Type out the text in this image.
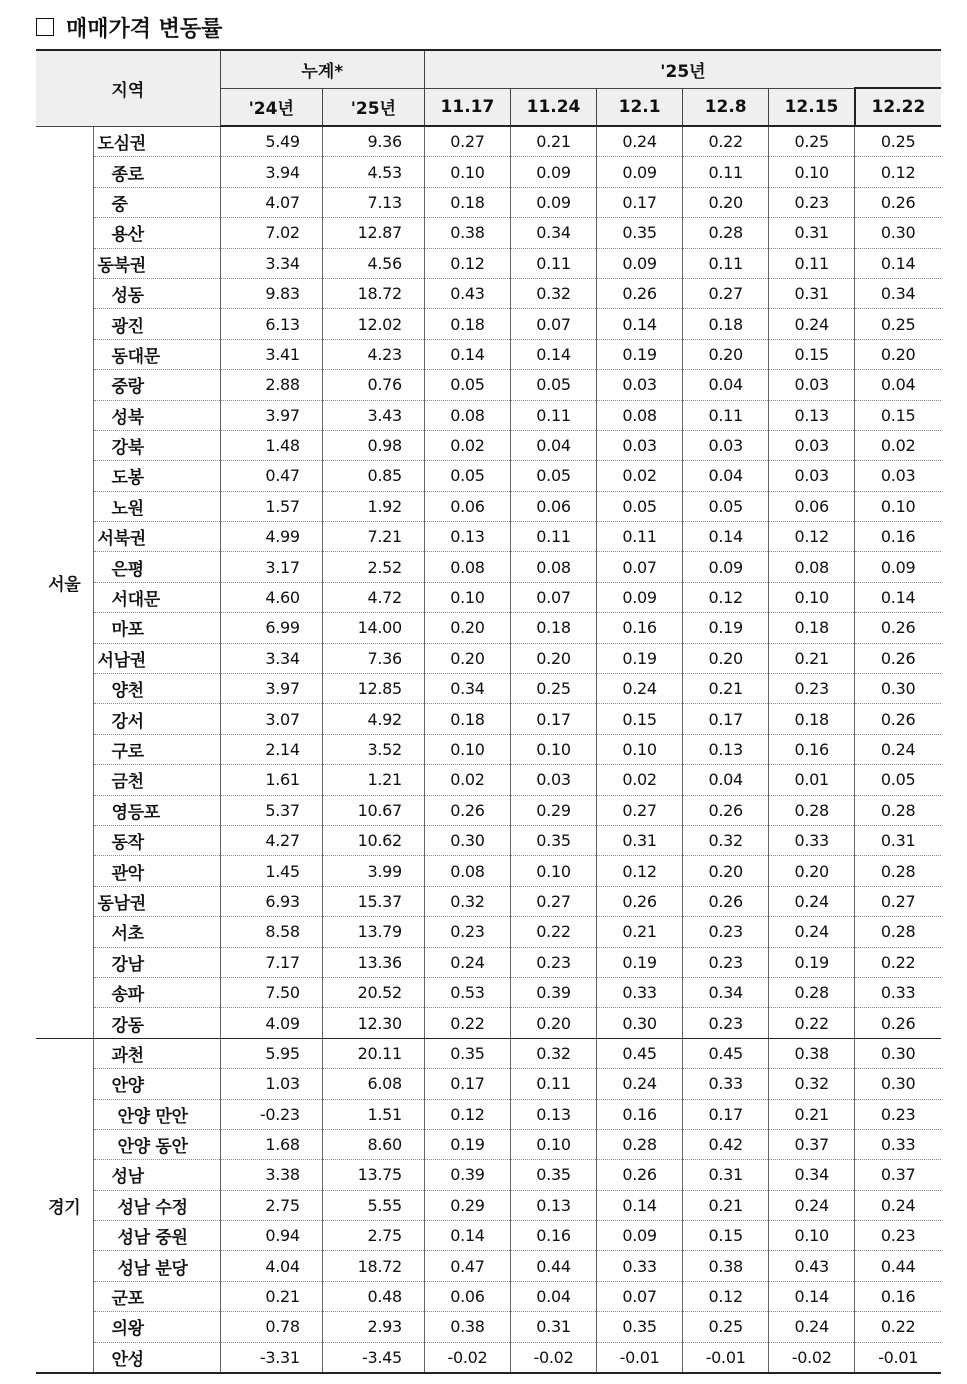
매매가격 변동률
지역		누계*		'25년					
		'24년	'25년	11.17	11.24	12.1	12.8	12.15	12.22
서울	도심권	5.49	9.36	0.27	0.21	0.24	0.22	0.25	0.25
	종로	3.94	4.53	0.10	0.09	0.09	0.11	0.10	0.12
	중	4.07	7.13	0.18	0.09	0.17	0.20	0.23	0.26
	용산	7.02	12.87	0.38	0.34	0.35	0.28	0.31	0.30
	동북권	3.34	4.56	0.12	0.11	0.09	0.11	0.11	0.14
	성동	9.83	18.72	0.43	0.32	0.26	0.27	0.31	0.34
	광진	6.13	12.02	0.18	0.07	0.14	0.18	0.24	0.25
	동대문	3.41	4.23	0.14	0.14	0.19	0.20	0.15	0.20
	중랑	2.88	0.76	0.05	0.05	0.03	0.04	0.03	0.04
	성북	3.97	3.43	0.08	0.11	0.08	0.11	0.13	0.15
	강북	1.48	0.98	0.02	0.04	0.03	0.03	0.03	0.02
	도봉	0.47	0.85	0.05	0.05	0.02	0.04	0.03	0.03
	노원	1.57	1.92	0.06	0.06	0.05	0.05	0.06	0.10
	서북권	4.99	7.21	0.13	0.11	0.11	0.14	0.12	0.16
	은평	3.17	2.52	0.08	0.08	0.07	0.09	0.08	0.09
	서대문	4.60	4.72	0.10	0.07	0.09	0.12	0.10	0.14
	마포	6.99	14.00	0.20	0.18	0.16	0.19	0.18	0.26
	서남권	3.34	7.36	0.20	0.20	0.19	0.20	0.21	0.26
	양천	3.97	12.85	0.34	0.25	0.24	0.21	0.23	0.30
	강서	3.07	4.92	0.18	0.17	0.15	0.17	0.18	0.26
	구로	2.14	3.52	0.10	0.10	0.10	0.13	0.16	0.24
	금천	1.61	1.21	0.02	0.03	0.02	0.04	0.01	0.05
	영등포	5.37	10.67	0.26	0.29	0.27	0.26	0.28	0.28
	동작	4.27	10.62	0.30	0.35	0.31	0.32	0.33	0.31
	관악	1.45	3.99	0.08	0.10	0.12	0.20	0.20	0.28
	동남권	6.93	15.37	0.32	0.27	0.26	0.26	0.24	0.27
	서초	8.58	13.79	0.23	0.22	0.21	0.23	0.24	0.28
	강남	7.17	13.36	0.24	0.23	0.19	0.23	0.19	0.22
	송파	7.50	20.52	0.53	0.39	0.33	0.34	0.28	0.33
	강동	4.09	12.30	0.22	0.20	0.30	0.23	0.22	0.26
경기	과천	5.95	20.11	0.35	0.32	0.45	0.45	0.38	0.30
	안양	1.03	6.08	0.17	0.11	0.24	0.33	0.32	0.30
	안양 만안	-0.23	1.51	0.12	0.13	0.16	0.17	0.21	0.23
	안양 동안	1.68	8.60	0.19	0.10	0.28	0.42	0.37	0.33
	성남	3.38	13.75	0.39	0.35	0.26	0.31	0.34	0.37
	성남 수정	2.75	5.55	0.29	0.13	0.14	0.21	0.24	0.24
	성남 중원	0.94	2.75	0.14	0.16	0.09	0.15	0.10	0.23
	성남 분당	4.04	18.72	0.47	0.44	0.33	0.38	0.43	0.44
	군포	0.21	0.48	0.06	0.04	0.07	0.12	0.14	0.16
	의왕	0.78	2.93	0.38	0.31	0.35	0.25	0.24	0.22
	안성	-3.31	-3.45	-0.02	-0.02	-0.01	-0.01	-0.02	-0.01
